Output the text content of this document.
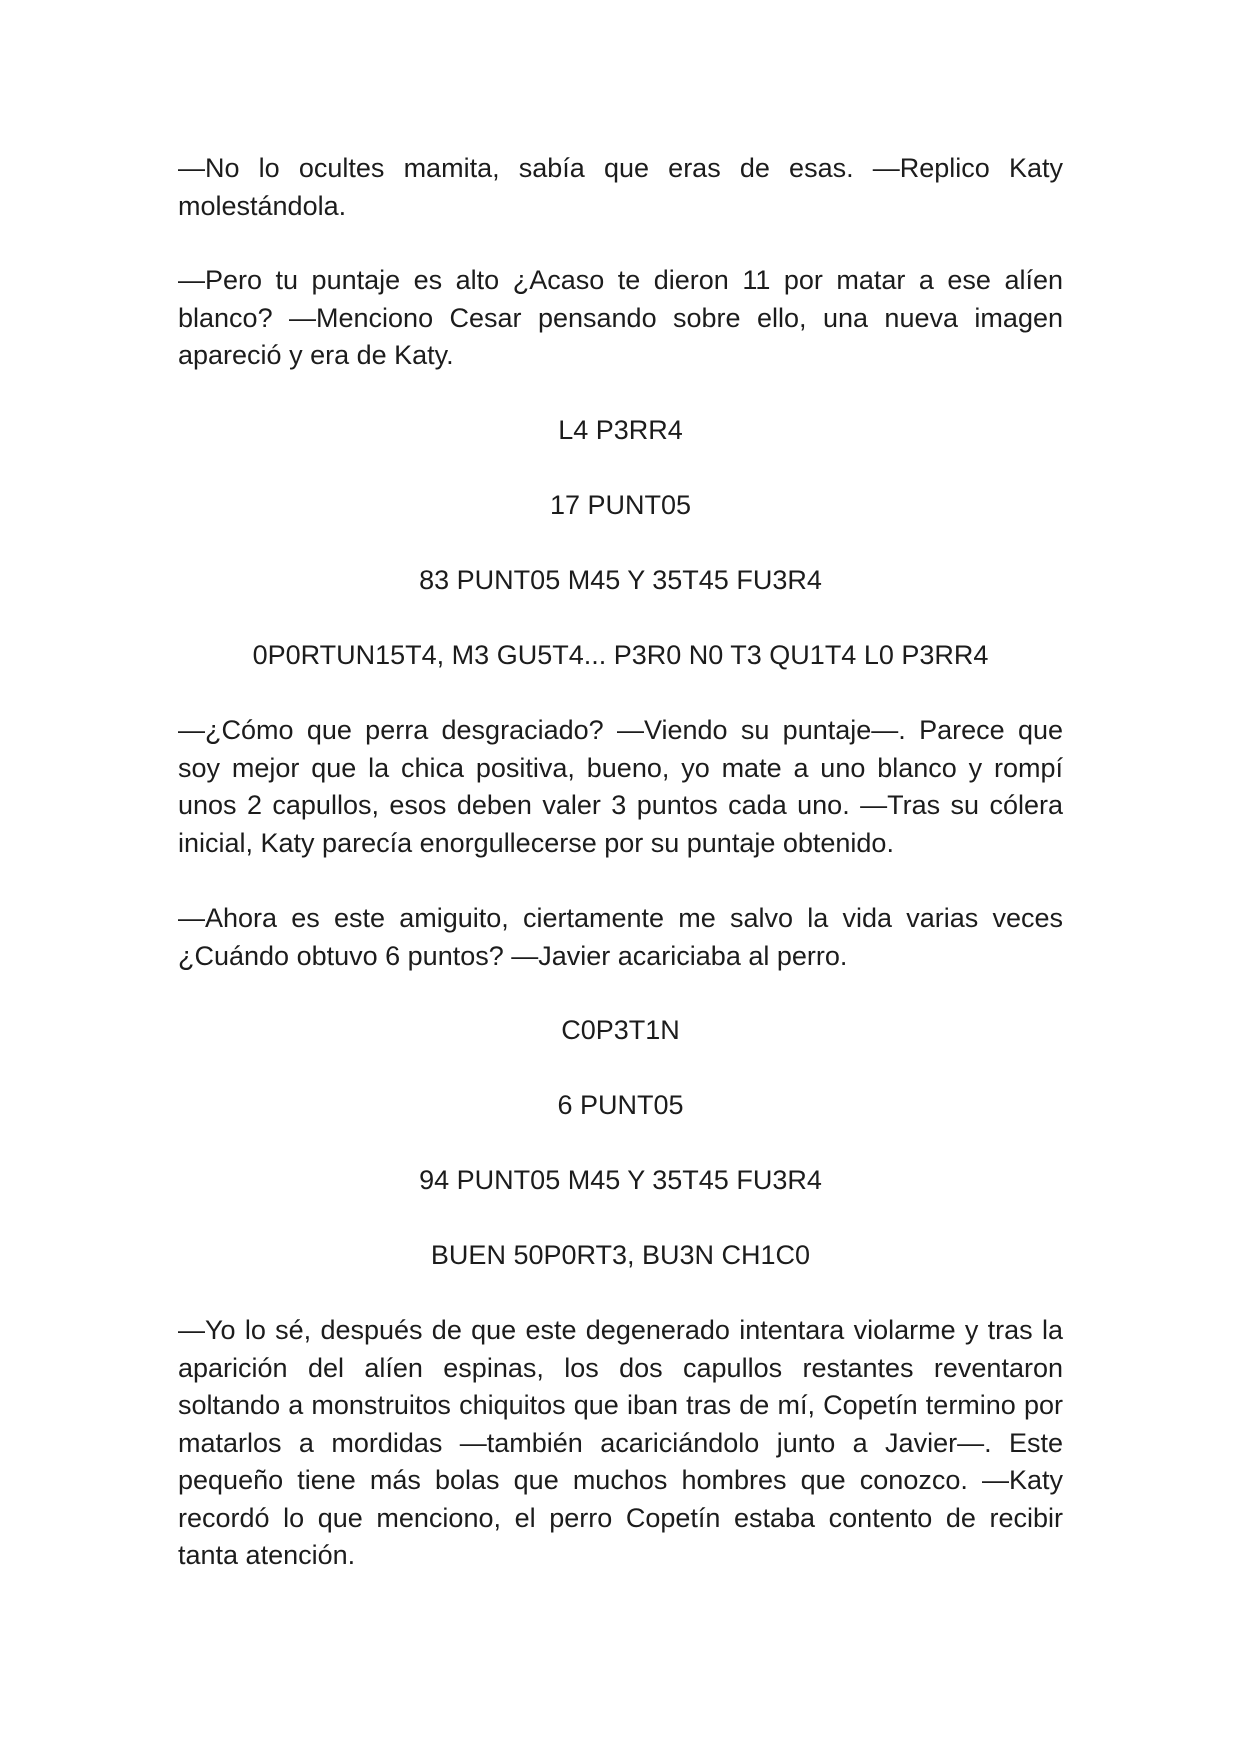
—No lo ocultes mamita, sabía que eras de esas. —Replico Katy molestándola.

—Pero tu puntaje es alto ¿Acaso te dieron 11 por matar a ese alíen blanco? —Menciono Cesar pensando sobre ello, una nueva imagen apareció y era de Katy.

L4 P3RR4

17 PUNT05

83 PUNT05 M45 Y 35T45 FU3R4

0P0RTUN15T4, M3 GU5T4... P3R0 N0 T3 QU1T4 L0 P3RR4

—¿Cómo que perra desgraciado? —Viendo su puntaje—. Parece que soy mejor que la chica positiva, bueno, yo mate a uno blanco y rompí unos 2 capullos, esos deben valer 3 puntos cada uno. —Tras su cólera inicial, Katy parecía enorgullecerse por su puntaje obtenido.

—Ahora es este amiguito, ciertamente me salvo la vida varias veces ¿Cuándo obtuvo 6 puntos? —Javier acariciaba al perro.

C0P3T1N

6 PUNT05

94 PUNT05 M45 Y 35T45 FU3R4

BUEN 50P0RT3, BU3N CH1C0

—Yo lo sé, después de que este degenerado intentara violarme y tras la aparición del alíen espinas, los dos capullos restantes reventaron soltando a monstruitos chiquitos que iban tras de mí, Copetín termino por matarlos a mordidas —también acariciándolo junto a Javier—. Este pequeño tiene más bolas que muchos hombres que conozco. —Katy recordó lo que menciono, el perro Copetín estaba contento de recibir tanta atención.
